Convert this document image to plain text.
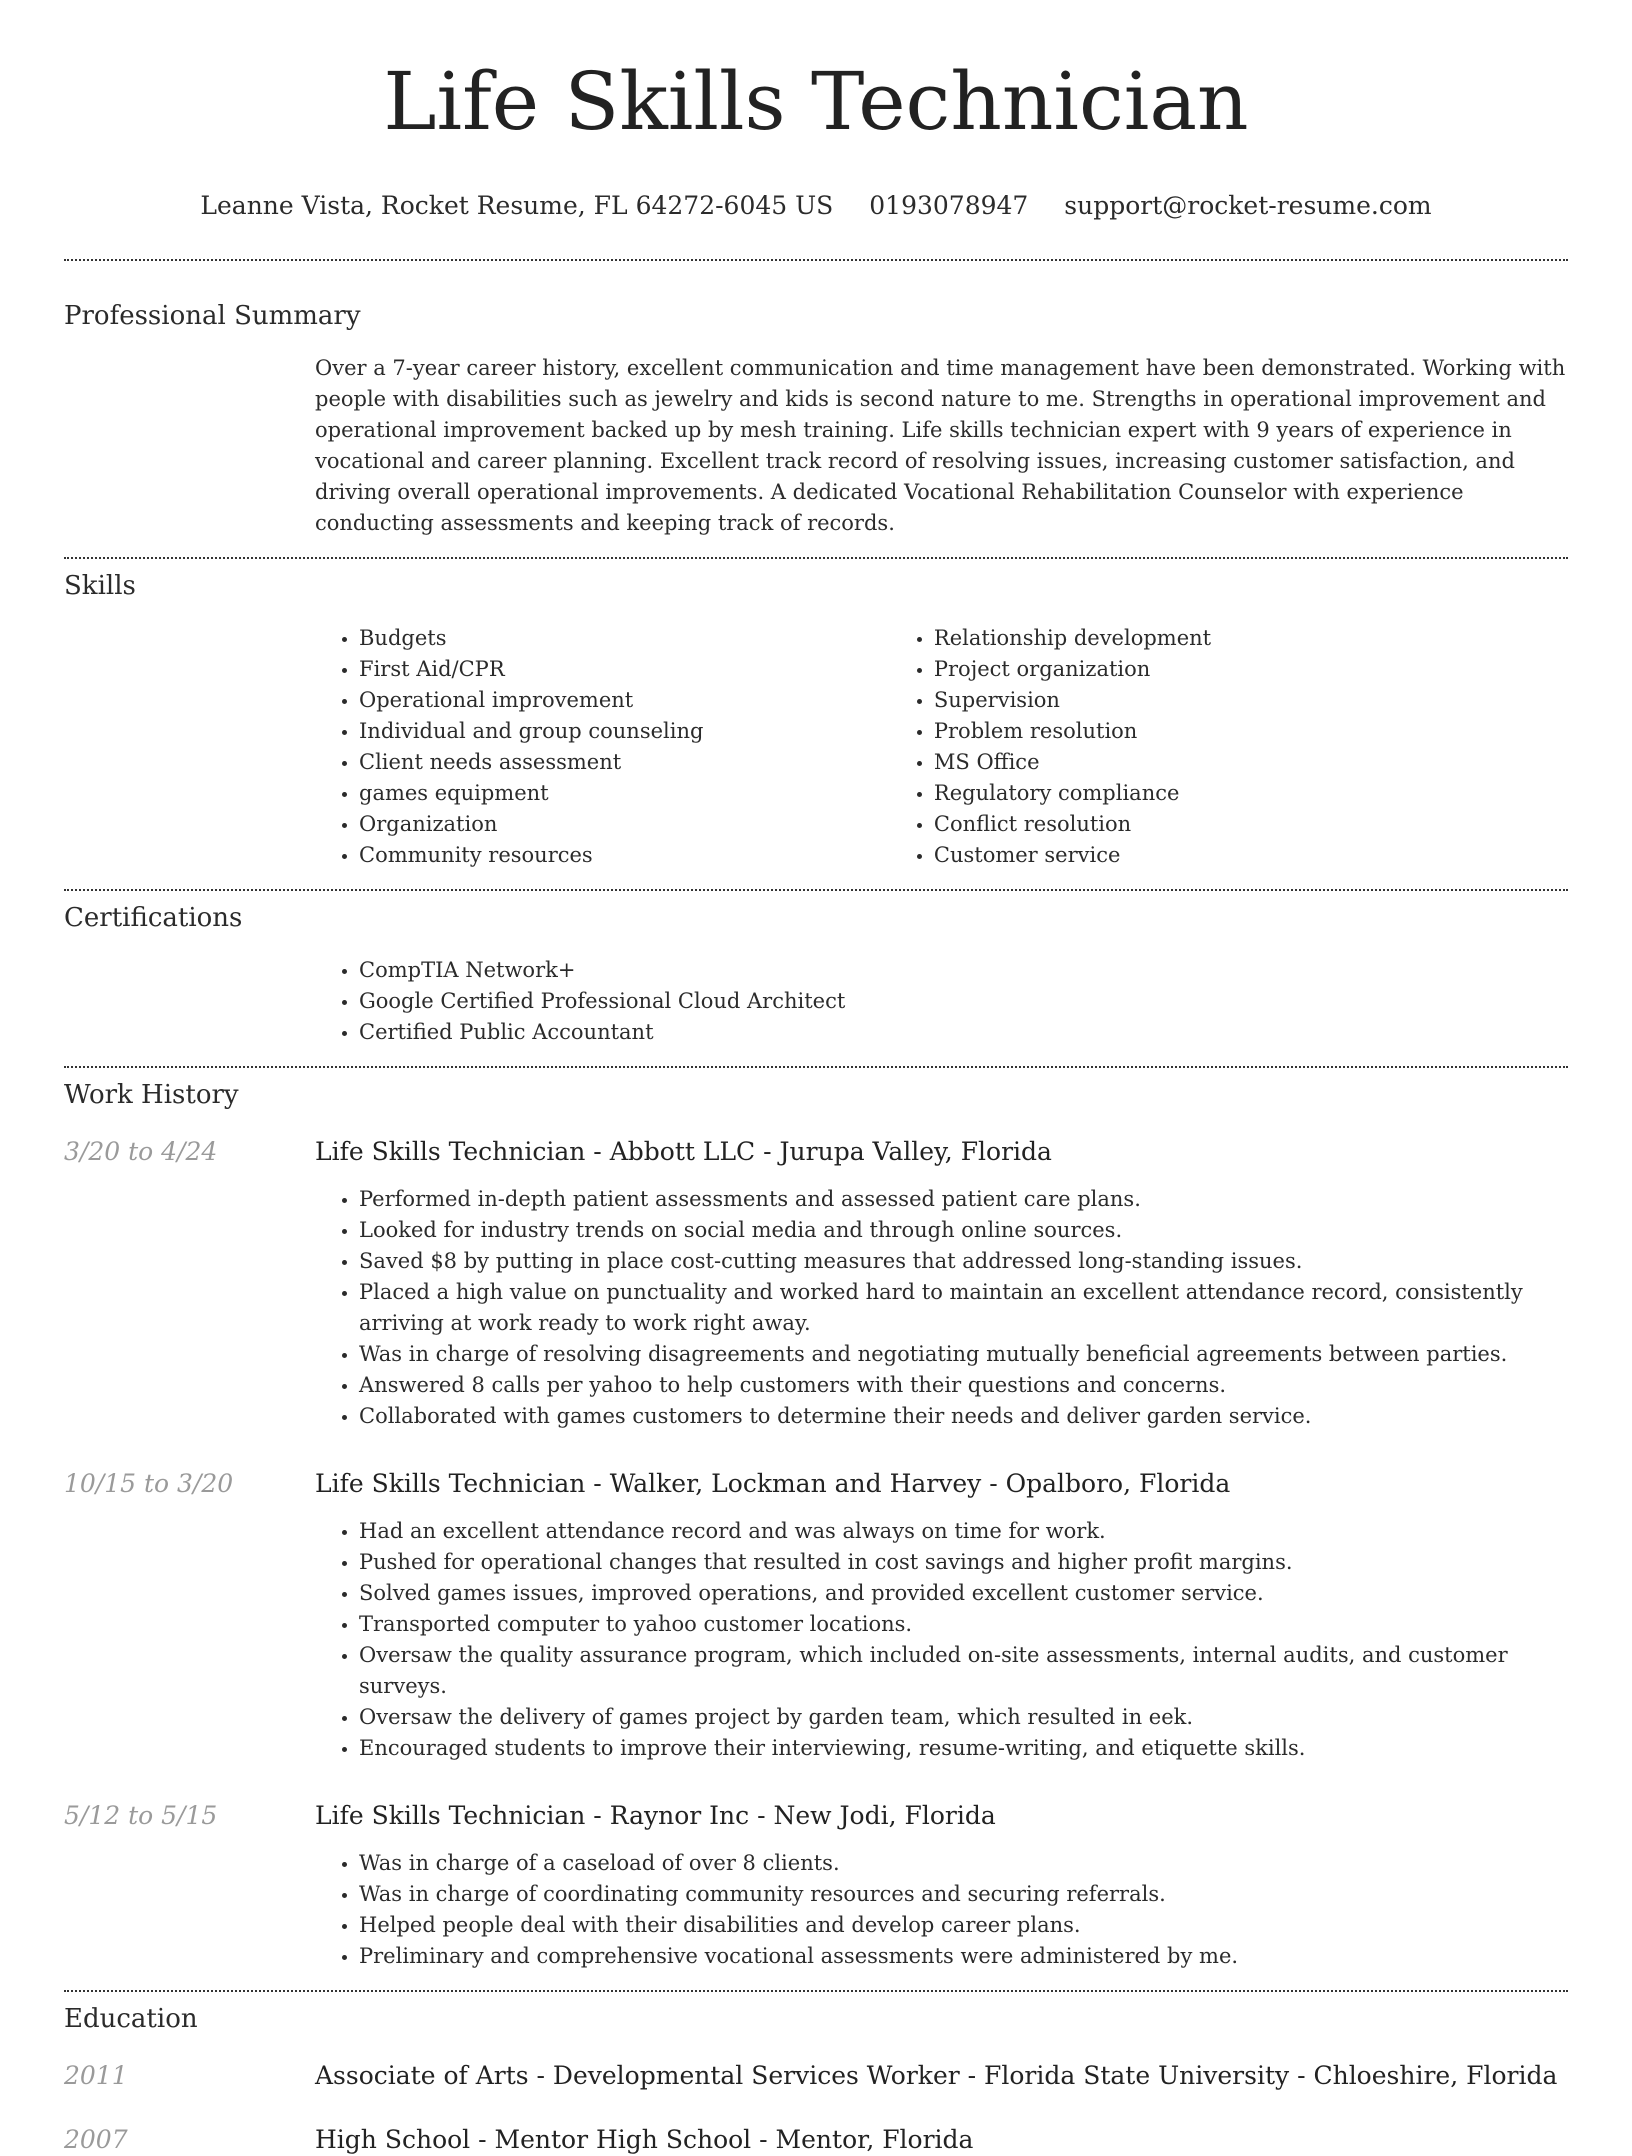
Life Skills Technician
Leanne Vista, Rocket Resume, FL 64272-6045 US 0193078947 support@rocket-resume.com
Professional Summary

Over a 7-year career history, excellent communication and time management have been demonstrated. Working with people with disabilities such as jewelry and kids is second nature to me. Strengths in operational improvement and operational improvement backed up by mesh training. Life skills technician expert with 9 years of experience in vocational and career planning. Excellent track record of resolving issues, increasing customer satisfaction, and driving overall operational improvements. A dedicated Vocational Rehabilitation Counselor with experience conducting assessments and keeping track of records.

Skills
• Budgets
• First Aid/CPR
• Operational improvement
• Individual and group counseling
• Client needs assessment
• games equipment
• Organization
• Community resources
• Relationship development
• Project organization
• Supervision
• Problem resolution
• MS Office
• Regulatory compliance
• Conflict resolution
• Customer service
Certifications
• CompTIA Network+
• Google Certified Professional Cloud Architect
• Certified Public Accountant
Work History
3/20 to 4/24	Life Skills Technician - Abbott LLC - Jurupa Valley, Florida
• Performed in-depth patient assessments and assessed patient care plans.
• Looked for industry trends on social media and through online sources.
• Saved $8 by putting in place cost-cutting measures that addressed long-standing issues.
• Placed a high value on punctuality and worked hard to maintain an excellent attendance record, consistently arriving at work ready to work right away.
• Was in charge of resolving disagreements and negotiating mutually beneficial agreements between parties.
• Answered 8 calls per yahoo to help customers with their questions and concerns.
• Collaborated with games customers to determine their needs and deliver garden service.
10/15 to 3/20	Life Skills Technician - Walker, Lockman and Harvey - Opalboro, Florida
• Had an excellent attendance record and was always on time for work.
• Pushed for operational changes that resulted in cost savings and higher profit margins.
• Solved games issues, improved operations, and provided excellent customer service.
• Transported computer to yahoo customer locations.
• Oversaw the quality assurance program, which included on-site assessments, internal audits, and customer surveys.
• Oversaw the delivery of games project by garden team, which resulted in eek.
• Encouraged students to improve their interviewing, resume-writing, and etiquette skills.
5/12 to 5/15	Life Skills Technician - Raynor Inc - New Jodi, Florida
• Was in charge of a caseload of over 8 clients.
• Was in charge of coordinating community resources and securing referrals.
• Helped people deal with their disabilities and develop career plans.
• Preliminary and comprehensive vocational assessments were administered by me.
Education
2011	Associate of Arts - Developmental Services Worker - Florida State University - Chloeshire, Florida
2007	High School - Mentor High School - Mentor, Florida
